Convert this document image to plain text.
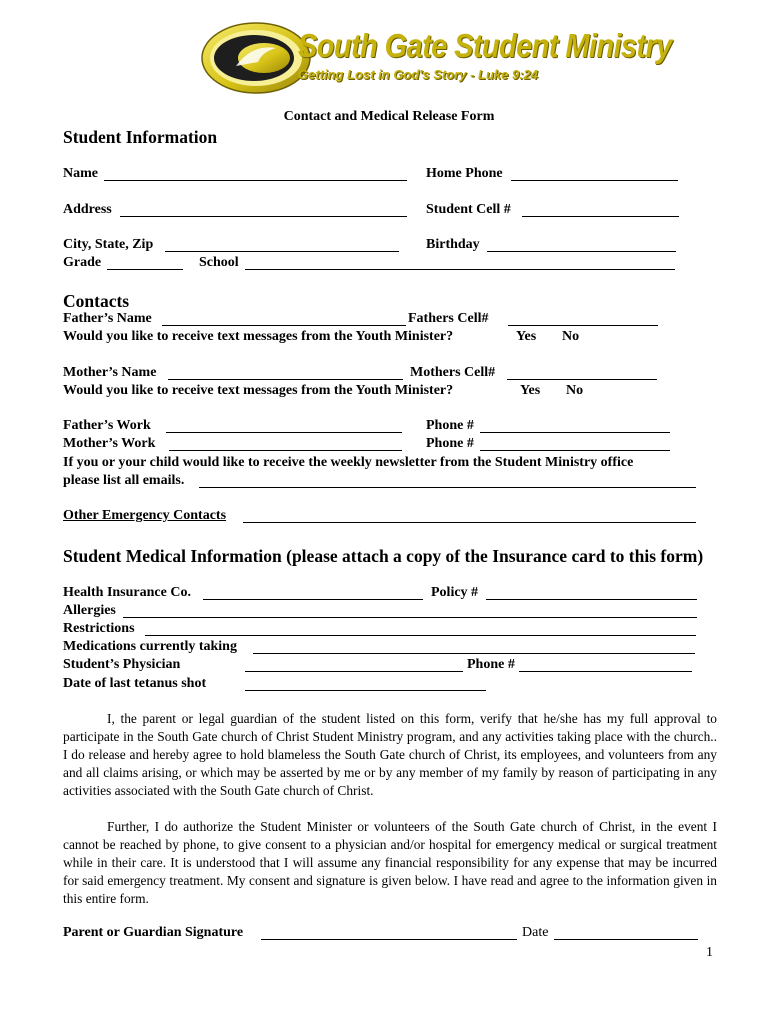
South Gate Student Ministry
Getting Lost in God's Story - Luke 9:24
Contact and Medical Release Form
Student Information
Name	Home Phone
Address	Student Cell #
City, State, Zip	Birthday
Grade	School
Contacts
Father’s Name	Fathers Cell#
Would you like to receive text messages from the Youth Minister?	Yes No
Mother’s Name	Mothers Cell#
Would you like to receive text messages from the Youth Minister?	Yes No
Father’s Work	Phone #
Mother’s Work	Phone #
If you or your child would like to receive the weekly newsletter from the Student Ministry office
please list all emails.
Other Emergency Contacts
Student Medical Information (please attach a copy of the Insurance card to this form)
Health Insurance Co.	Policy #
Allergies
Restrictions
Medications currently taking
Student’s Physician	Phone #
Date of last tetanus shot
I, the parent or legal guardian of the student listed on this form, verify that he/she has my full approval to participate in the South Gate church of Christ Student Ministry program, and any activities taking place with the church.. I do release and hereby agree to hold blameless the South Gate church of Christ, its employees, and volunteers from any and all claims arising, or which may be asserted by me or by any member of my family by reason of participating in any activities associated with the South Gate church of Christ.
Further, I do authorize the Student Minister or volunteers of the South Gate church of Christ, in the event I cannot be reached by phone, to give consent to a physician and/or hospital for emergency medical or surgical treatment while in their care. It is understood that I will assume any financial responsibility for any expense that may be incurred for said emergency treatment. My consent and signature is given below. I have read and agree to the information given in this entire form.
Parent or Guardian Signature	Date
1
